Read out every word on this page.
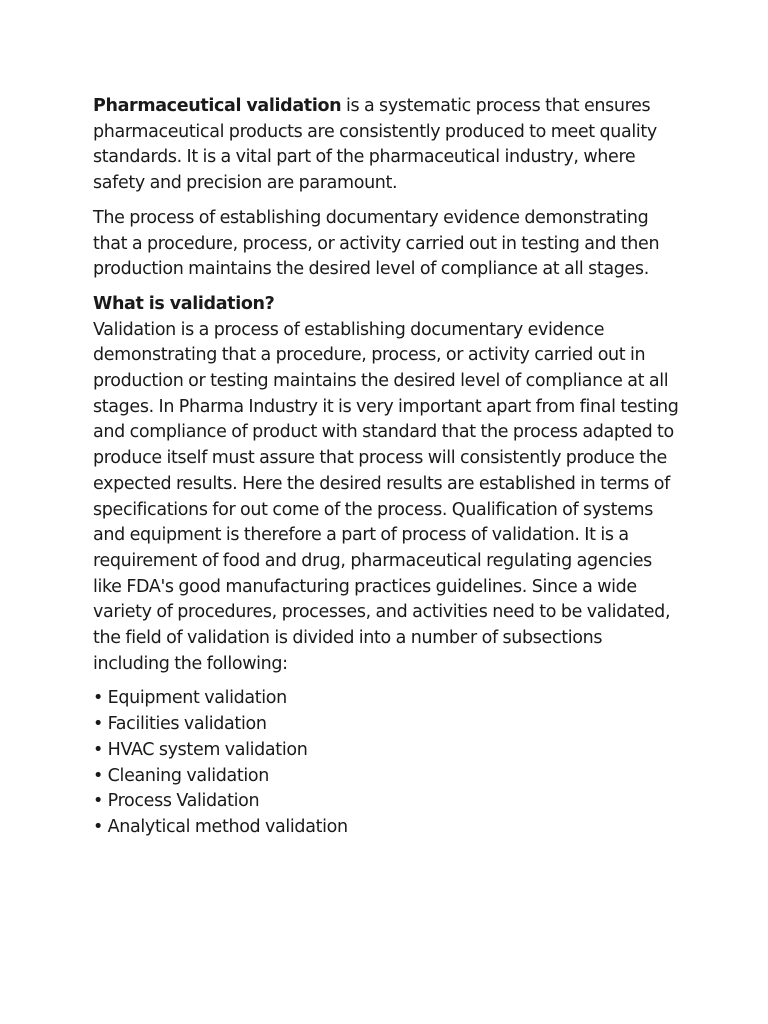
Pharmaceutical validation is a systematic process that ensures pharmaceutical products are consistently produced to meet quality standards. It is a vital part of the pharmaceutical industry, where safety and precision are paramount.

The process of establishing documentary evidence demonstrating that a procedure, process, or activity carried out in testing and then production maintains the desired level of compliance at all stages.

What is validation?
Validation is a process of establishing documentary evidence demonstrating that a procedure, process, or activity carried out in production or testing maintains the desired level of compliance at all stages. In Pharma Industry it is very important apart from final testing and compliance of product with standard that the process adapted to produce itself must assure that process will consistently produce the expected results. Here the desired results are established in terms of specifications for out come of the process. Qualification of systems and equipment is therefore a part of process of validation. It is a requirement of food and drug, pharmaceutical regulating agencies like FDA's good manufacturing practices guidelines. Since a wide variety of procedures, processes, and activities need to be validated, the field of validation is divided into a number of subsections including the following:

• Equipment validation
• Facilities validation
• HVAC system validation
• Cleaning validation
• Process Validation
• Analytical method validation
